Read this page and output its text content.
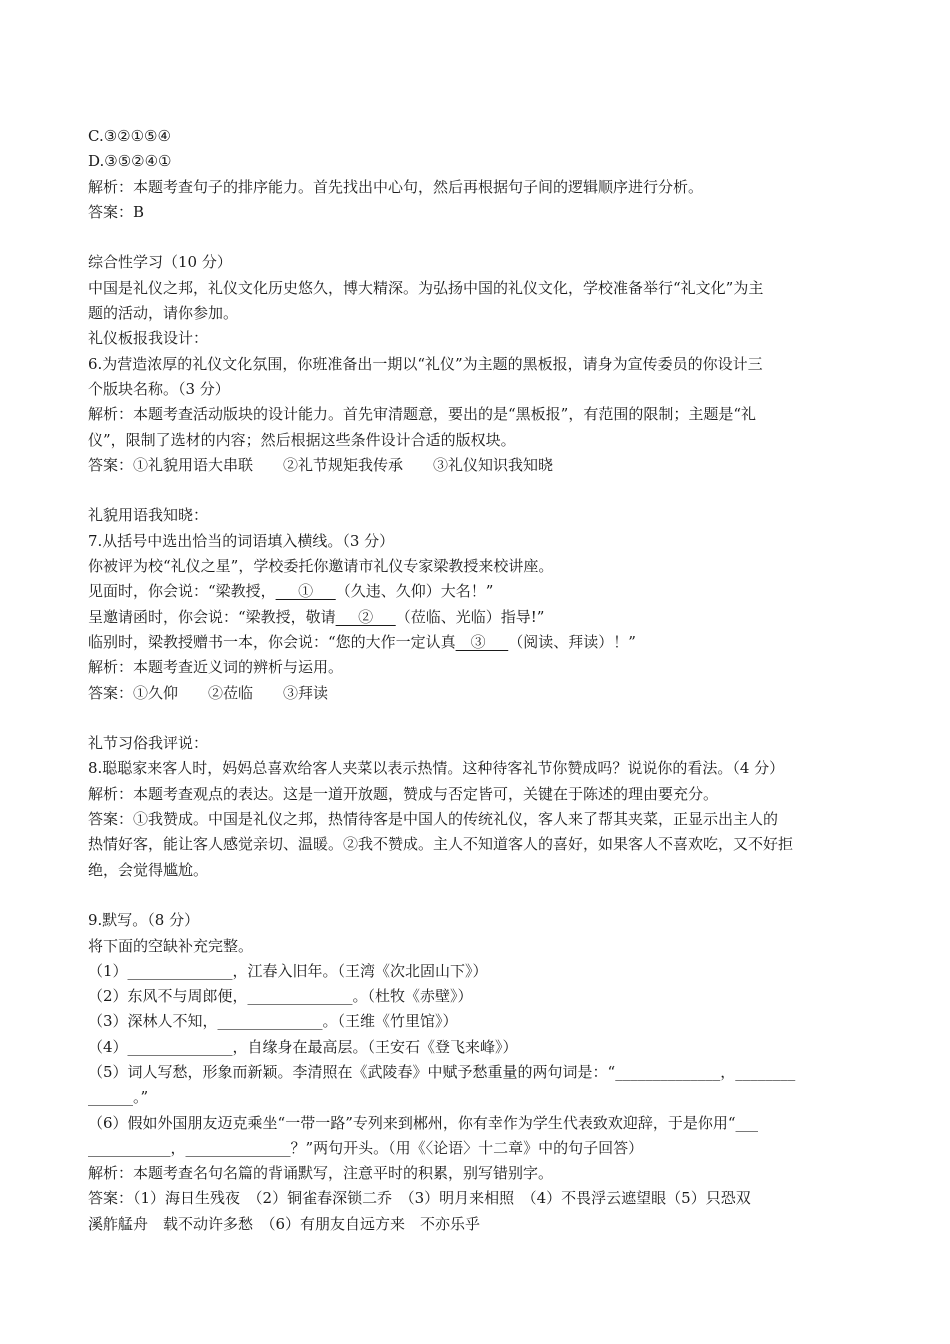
C.③②①⑤④
D.③⑤②④①
解析：本题考查句子的排序能力。首先找出中心句，然后再根据句子间的逻辑顺序进行分析。
答案：B
综合性学习（10 分）
中国是礼仪之邦，礼仪文化历史悠久，博大精深。为弘扬中国的礼仪文化，学校准备举行“礼文化”为主
题的活动，请你参加。
礼仪板报我设计：
6.为营造浓厚的礼仪文化氛围，你班准备出一期以“礼仪”为主题的黑板报，请身为宣传委员的你设计三
个版块名称。（3 分）
解析：本题考查活动版块的设计能力。首先审清题意，要出的是“黑板报”，有范围的限制；主题是“礼
仪”，限制了选材的内容；然后根据这些条件设计合适的版权块。
答案：①礼貌用语大串联　　②礼节规矩我传承　　③礼仪知识我知晓
礼貌用语我知晓：
7.从括号中选出恰当的词语填入横线。（3 分）
你被评为校“礼仪之星”，学校委托你邀请市礼仪专家梁教授来校讲座。
见面时，你会说：“梁教授，___①___（久违、久仰）大名！”
呈邀请函时，你会说：“梁教授，敬请___②___（莅临、光临）指导!”
临别时，梁教授赠书一本，你会说：“您的大作一定认真__③___（阅读、拜读）！”
解析：本题考查近义词的辨析与运用。
答案：①久仰　　②莅临　　③拜读
礼节习俗我评说：
8.聪聪家来客人时，妈妈总喜欢给客人夹菜以表示热情。这种待客礼节你赞成吗？说说你的看法。（4 分）
解析：本题考查观点的表达。这是一道开放题，赞成与否定皆可，关键在于陈述的理由要充分。
答案：①我赞成。中国是礼仪之邦，热情待客是中国人的传统礼仪，客人来了帮其夹菜，正显示出主人的
热情好客，能让客人感觉亲切、温暖。②我不赞成。主人不知道客人的喜好，如果客人不喜欢吃，又不好拒
绝，会觉得尴尬。
9.默写。（8 分）
将下面的空缺补充完整。
（1）______________，江春入旧年。（王湾《次北固山下》）
（2）东风不与周郎便，______________。（杜牧《赤壁》）
（3）深林人不知，______________。（王维《竹里馆》）
（4）______________，自缘身在最高层。（王安石《登飞来峰》）
（5）词人写愁，形象而新颖。李清照在《武陵春》中赋予愁重量的两句词是：“______________，________
______。”
（6）假如外国朋友迈克乘坐“一带一路”专列来到郴州，你有幸作为学生代表致欢迎辞，于是你用“___
___________，______________？”两句开头。（用《〈论语〉十二章》中的句子回答）
解析：本题考查名句名篇的背诵默写，注意平时的积累，别写错别字。
答案：（1）海日生残夜　（2）铜雀春深锁二乔　（3）明月来相照　（4）不畏浮云遮望眼（5）只恐双
溪舴艋舟　载不动许多愁　（6）有朋友自远方来　不亦乐乎
